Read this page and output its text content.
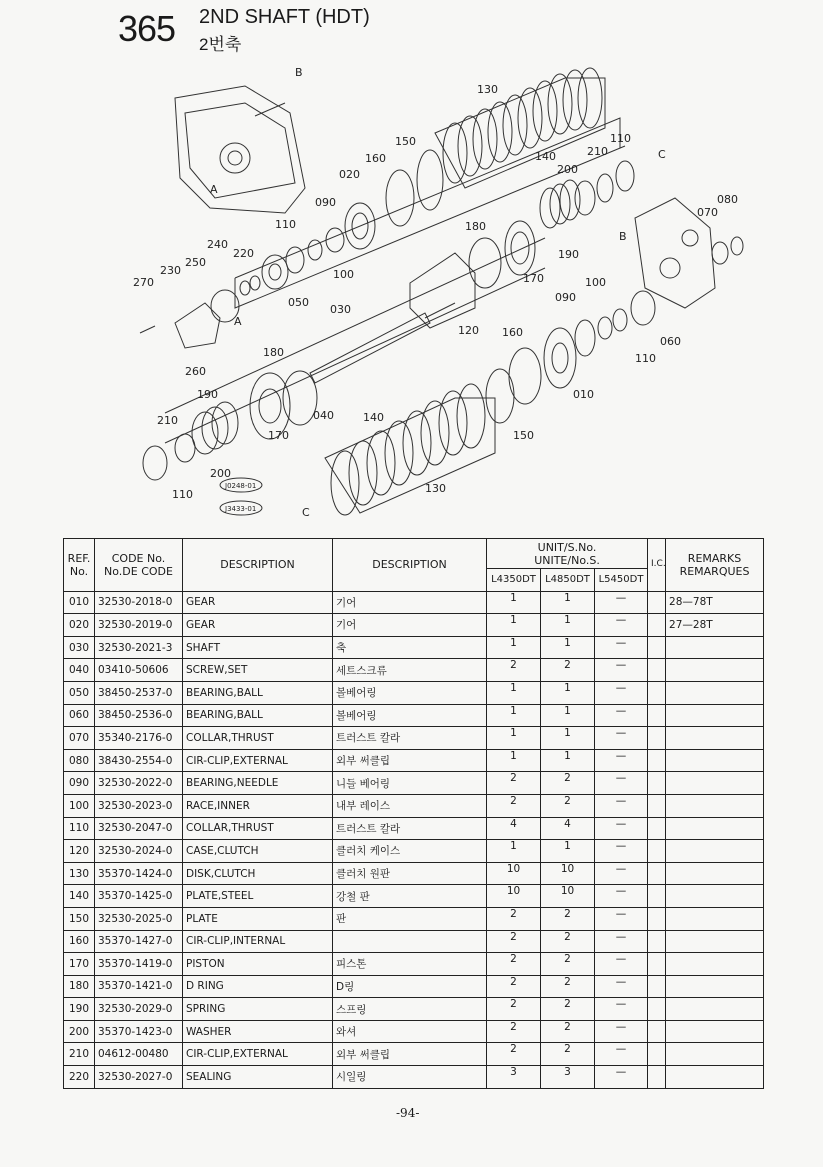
365 2ND SHAFT (HDT)
2번축
B
A
130
150	110
160	140	210	C
020	200
080
090
070
B
110	180
240
250
220
100
190
230
170
270
050
100
090
030
160
120
060
A
110
180
260
010
190
040	140
210
170	150
200
130
110
C
J0248-01
J3433-01
REF.
No.	CODE No.
No.DE CODE	DESCRIPTION	DESCRIPTION	UNIT/S.No.
UNITE/No.S.			I.C.	REMARKS
REMARQUES
				L4350DT	L4850DT	L5450DT		
010	32530-2018-0	GEAR	기어	1	1	—		28—78T
020	32530-2019-0	GEAR	기어	1	1	—		27—28T
030	32530-2021-3	SHAFT	축	1	1	—		
040	03410-50606	SCREW,SET	세트스크류	2	2	—		
050	38450-2537-0	BEARING,BALL	볼베어링	1	1	—		
060	38450-2536-0	BEARING,BALL	볼베어링	1	1	—		
070	35340-2176-0	COLLAR,THRUST	트러스트 칼라	1	1	—		
080	38430-2554-0	CIR-CLIP,EXTERNAL	외부 써클립	1	1	—		
090	32530-2022-0	BEARING,NEEDLE	니들 베어링	2	2	—		
100	32530-2023-0	RACE,INNER	내부 레이스	2	2	—		
110	32530-2047-0	COLLAR,THRUST	트러스트 칼라	4	4	—		
120	32530-2024-0	CASE,CLUTCH	클러치 케이스	1	1	—		
130	35370-1424-0	DISK,CLUTCH	클러치 원판	10	10	—		
140	35370-1425-0	PLATE,STEEL	강철 판	10	10	—		
150	32530-2025-0	PLATE	판	2	2	—		
160	35370-1427-0	CIR-CLIP,INTERNAL		2	2	—		
170	35370-1419-0	PISTON	피스톤	2	2	—		
180	35370-1421-0	D RING	D링	2	2	—		
190	32530-2029-0	SPRING	스프링	2	2	—		
200	35370-1423-0	WASHER	와셔	2	2	—		
210	04612-00480	CIR-CLIP,EXTERNAL	외부 써클립	2	2	—		
220	32530-2027-0	SEALING	시일링	3	3	—		
-94-
